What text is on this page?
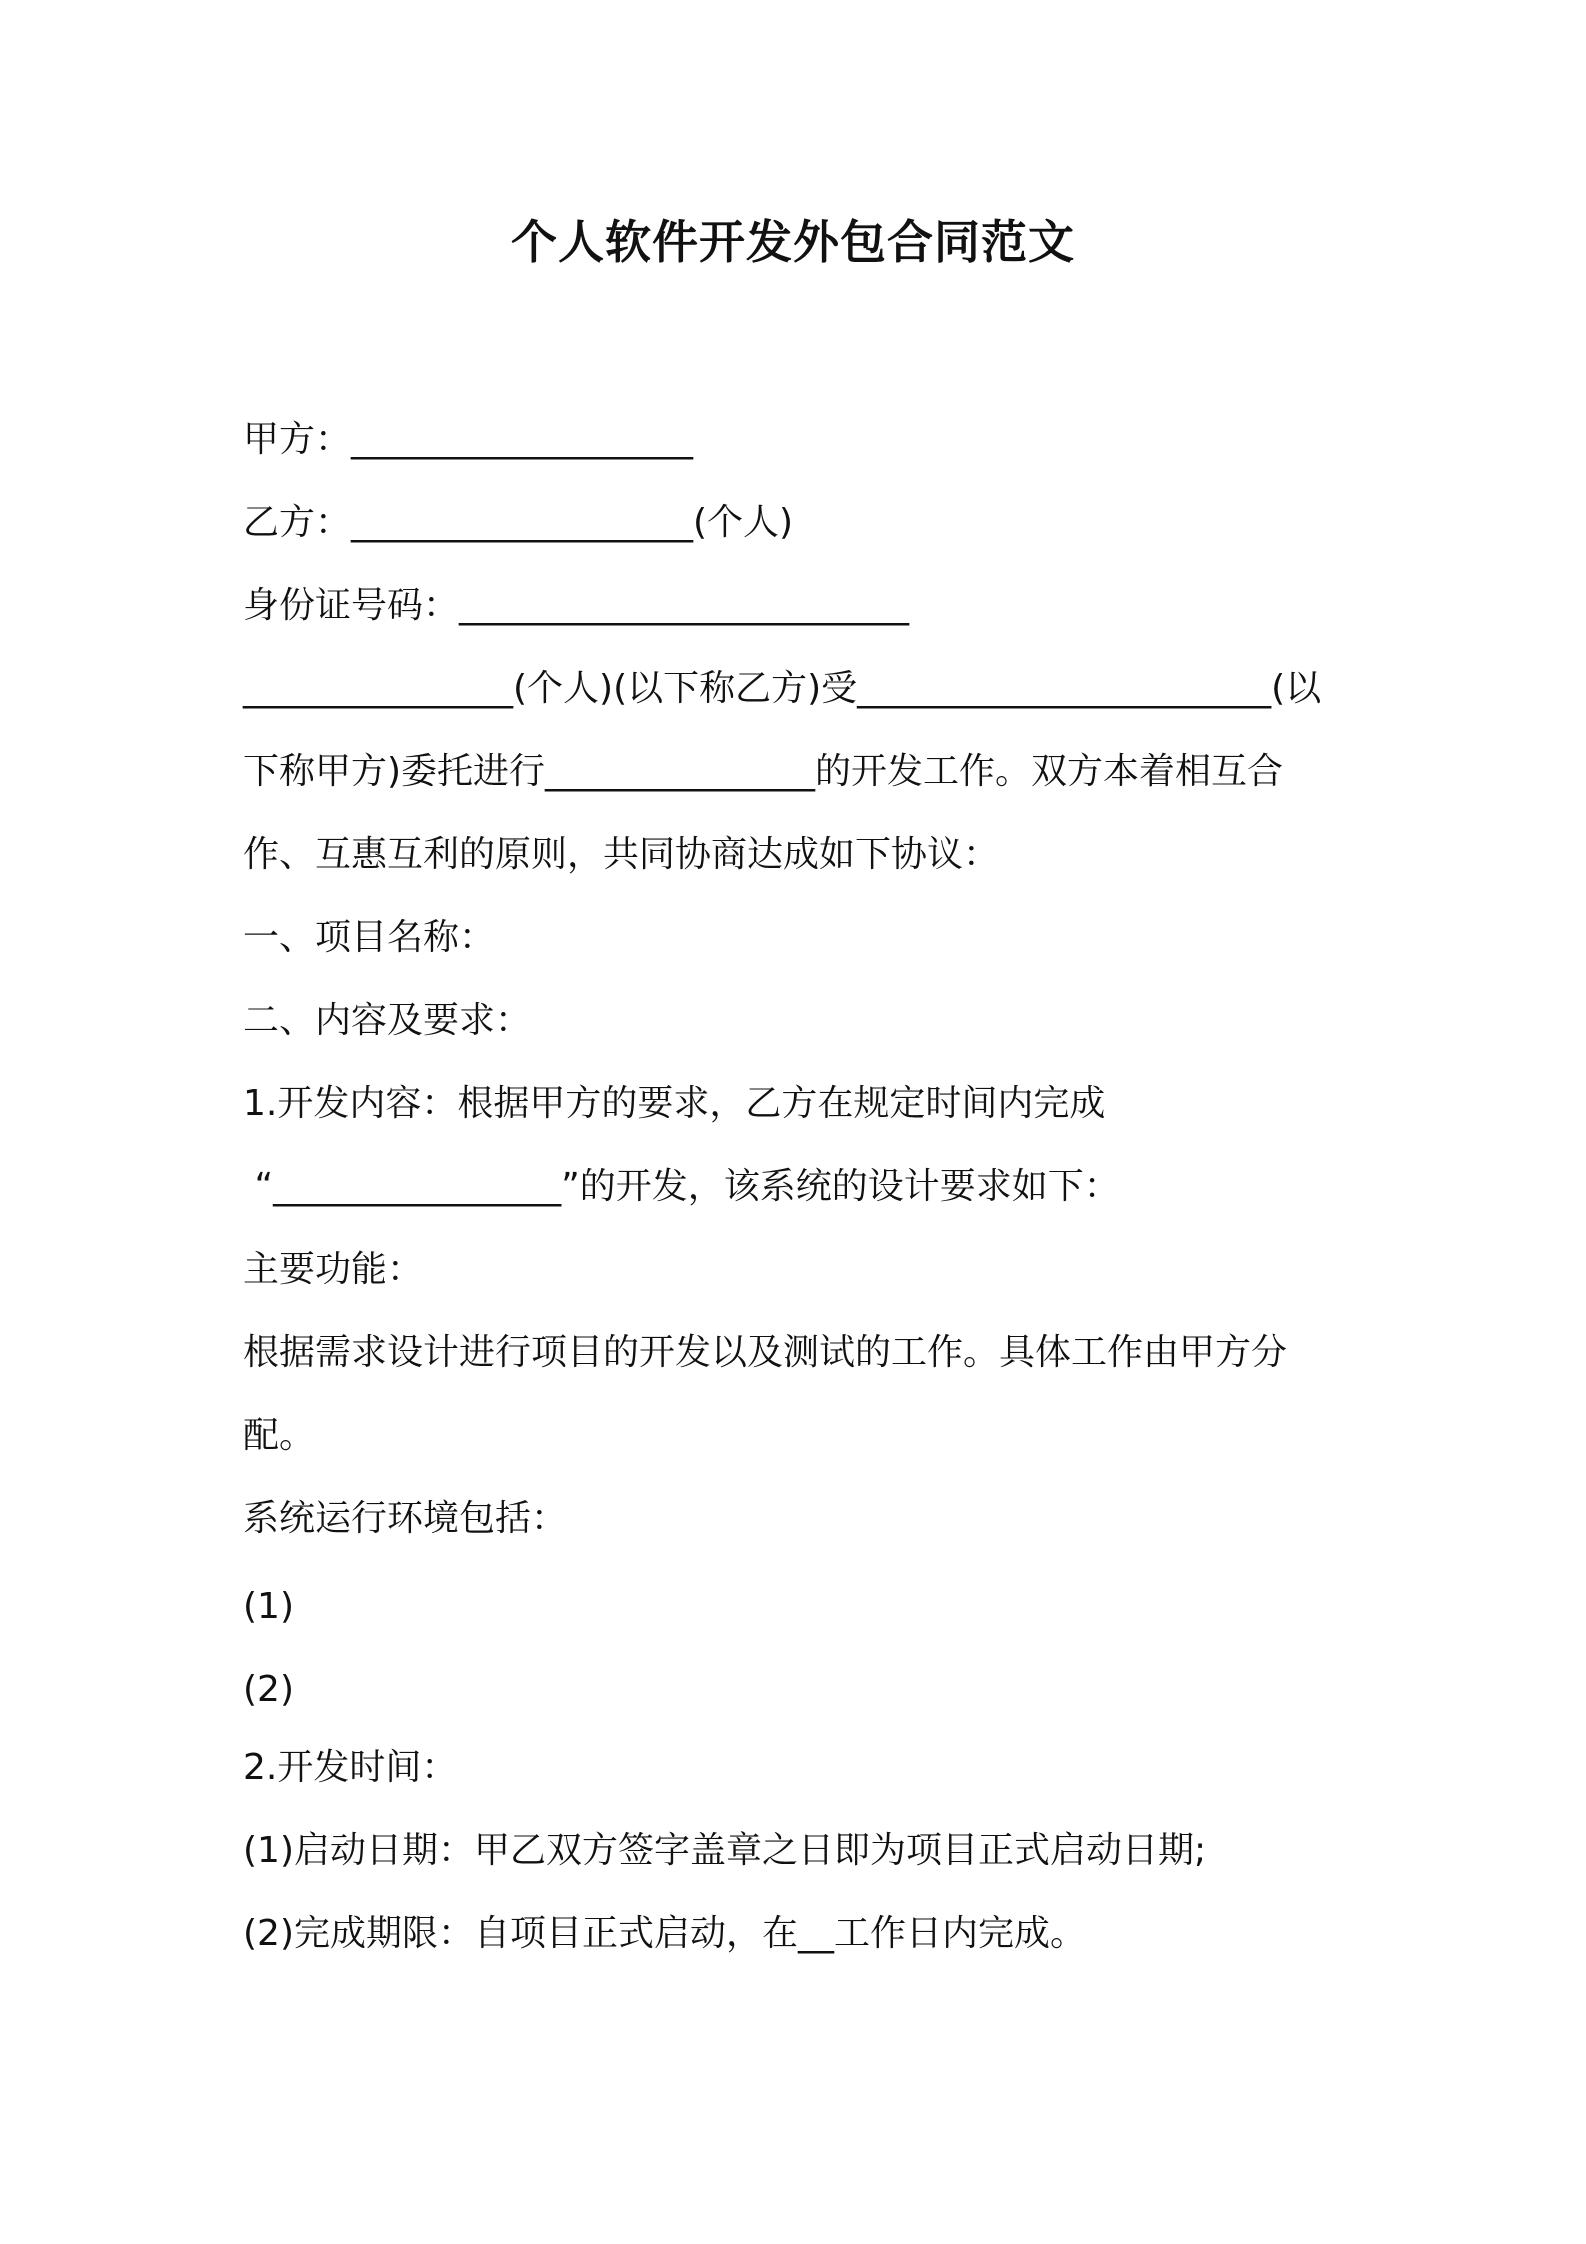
个人软件开发外包合同范文
甲方：___________________
乙方：___________________(个人)
身份证号码：_________________________
_______________(个人)(以下称乙方)受_______________________(以
下称甲方)委托进行_______________的开发工作。双方本着相互合
作、互惠互利的原则，共同协商达成如下协议：
一、项目名称：
二、内容及要求：
1.开发内容：根据甲方的要求，乙方在规定时间内完成
“________________”的开发，该系统的设计要求如下：
主要功能：
根据需求设计进行项目的开发以及测试的工作。具体工作由甲方分
配。
系统运行环境包括：
(1)
(2)
2.开发时间：
(1)启动日期：甲乙双方签字盖章之日即为项目正式启动日期;
(2)完成期限：自项目正式启动，在__工作日内完成。
